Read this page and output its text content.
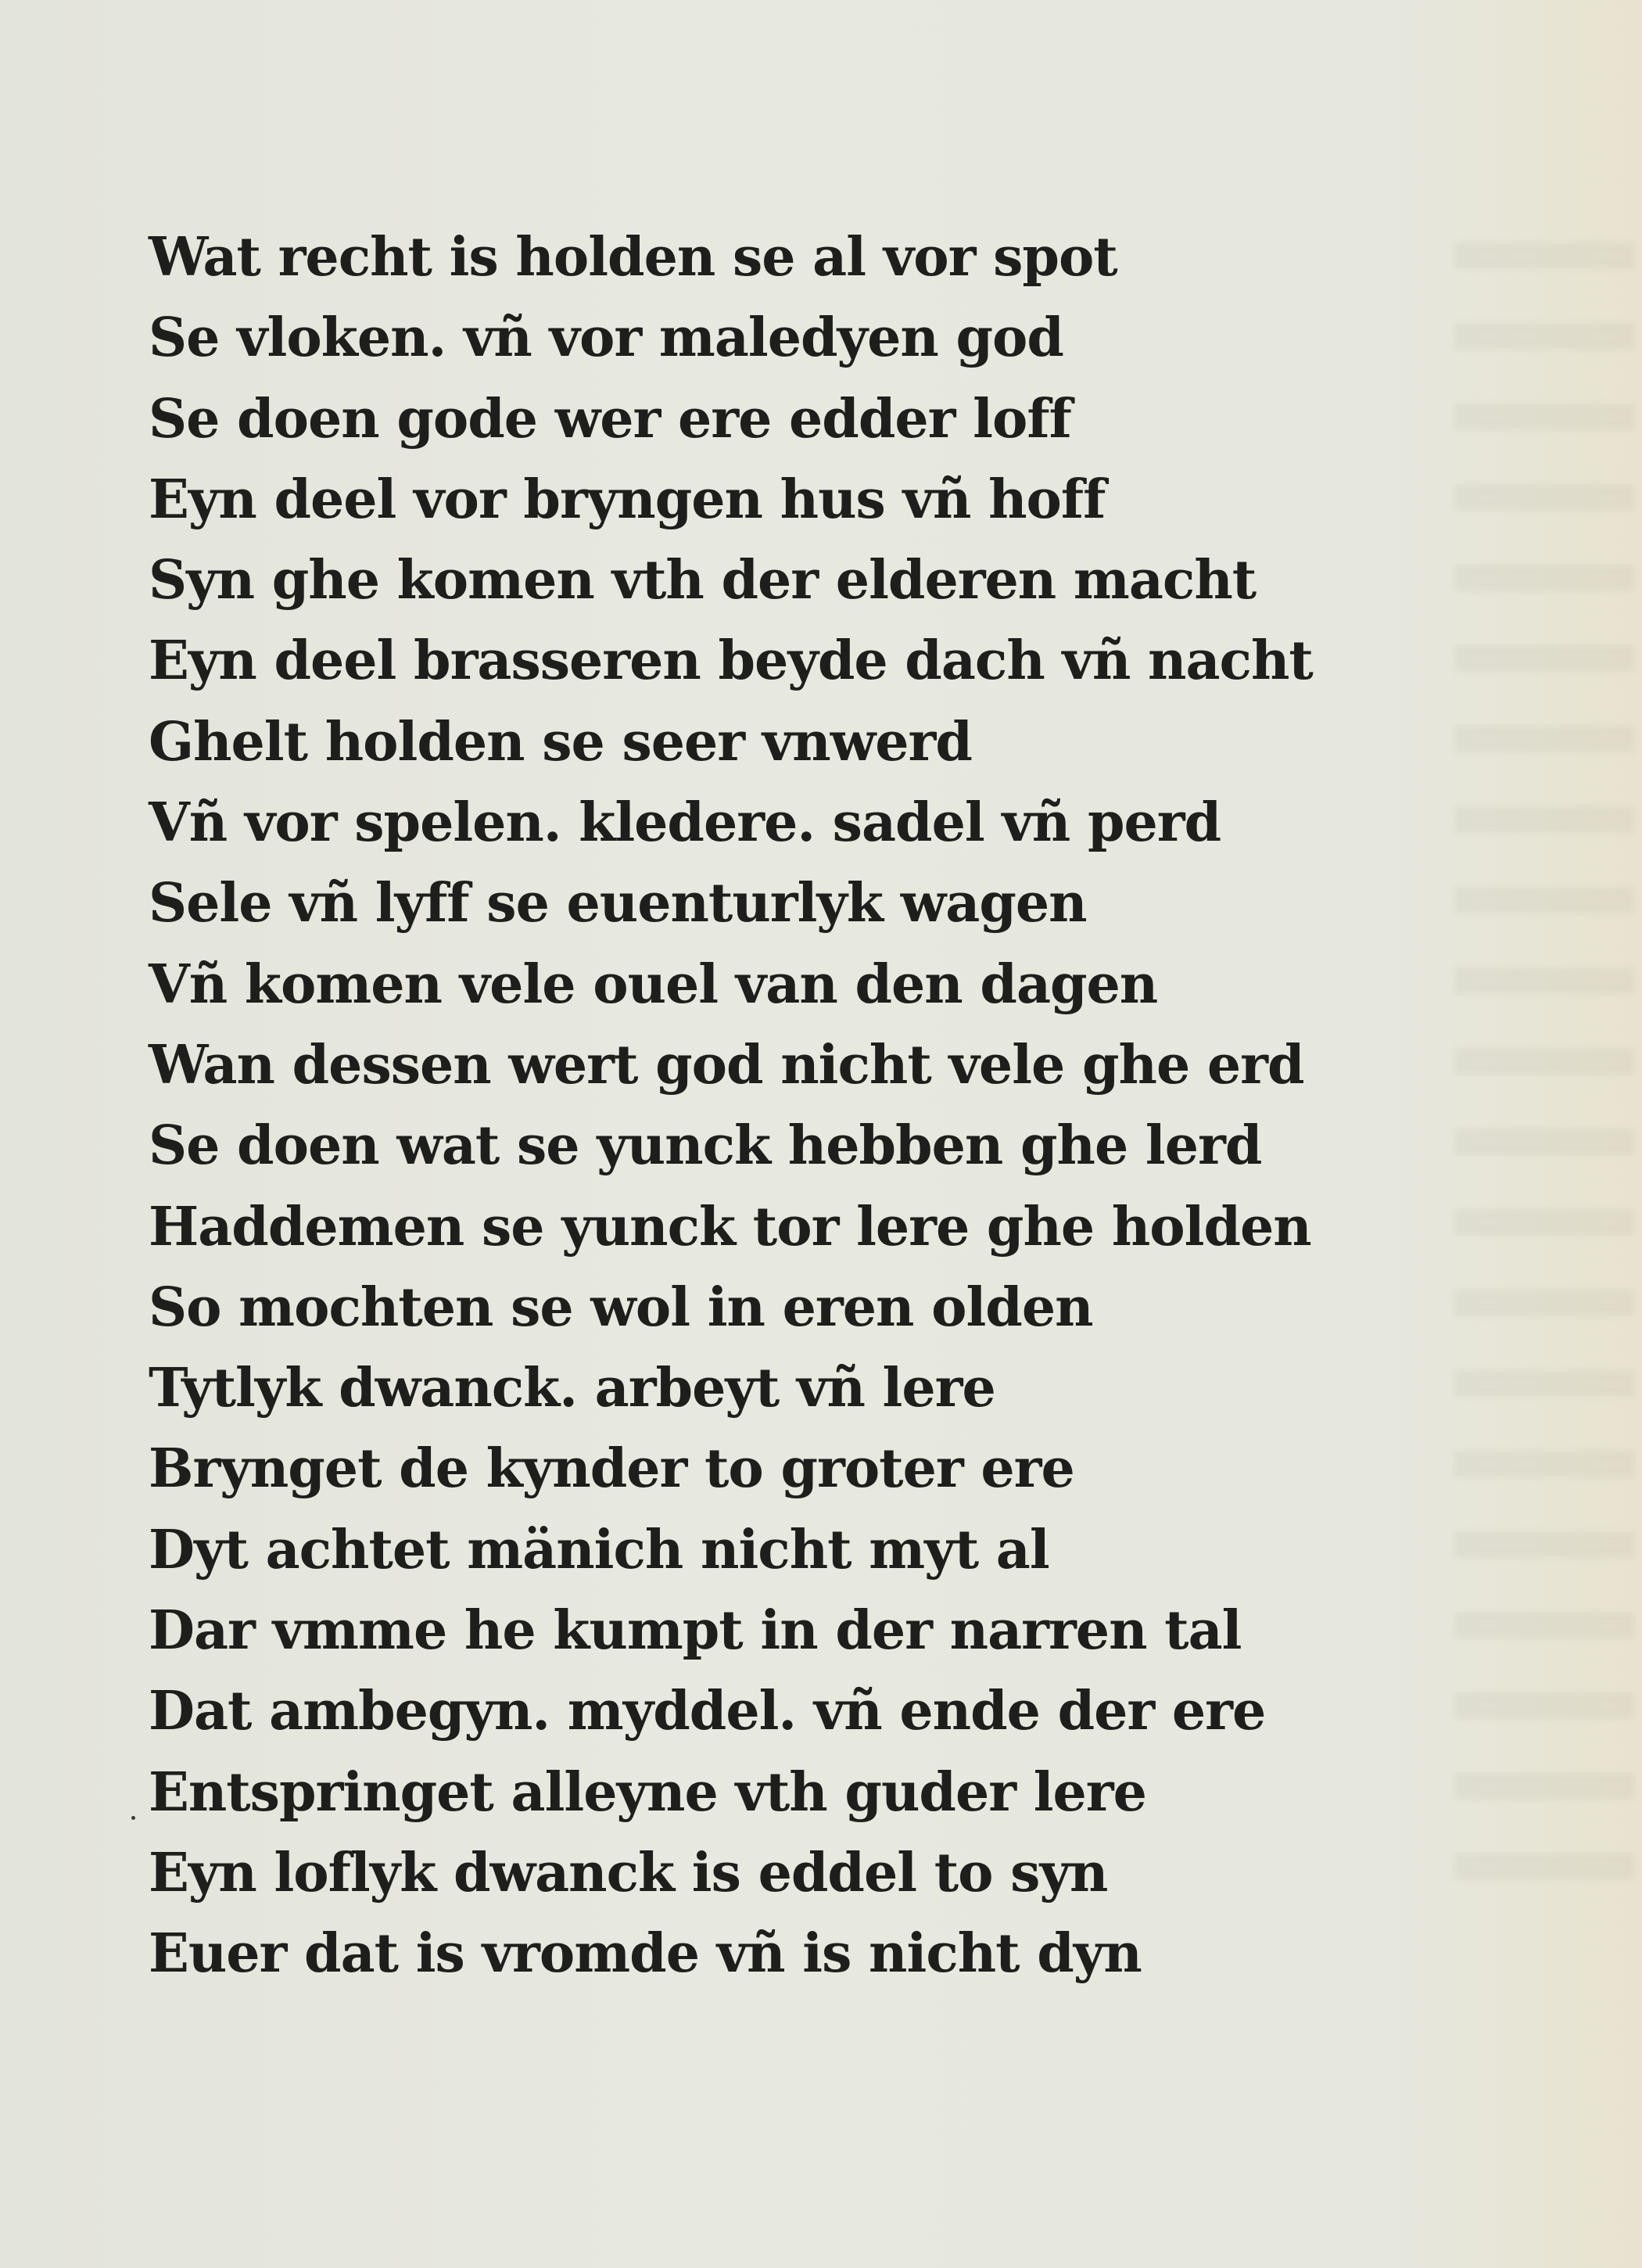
Wat recht is holden se al vor spot
Se vloken. vñ vor maledyen god
Se doen gode wer ere edder loff
Eyn deel vor bryngen hus vñ hoff
Syn ghe komen vth der elderen macht
Eyn deel brasseren beyde dach vñ nacht
Ghelt holden se seer vnwerd
Vñ vor spelen. kledere. sadel vñ perd
Sele vñ lyff se euenturlyk wagen
Vñ komen vele ouel van den dagen
Wan dessen wert god nicht vele ghe erd
Se doen wat se yunck hebben ghe lerd
Haddemen se yunck tor lere ghe holden
So mochten se wol in eren olden
Tytlyk dwanck. arbeyt vñ lere
Brynget de kynder to groter ere
Dyt achtet mänich nicht myt al
Dar vmme he kumpt in der narren tal
Dat ambegyn. myddel. vñ ende der ere
Entspringet alleyne vth guder lere
Eyn loflyk dwanck is eddel to syn
Euer dat is vromde vñ is nicht dyn
